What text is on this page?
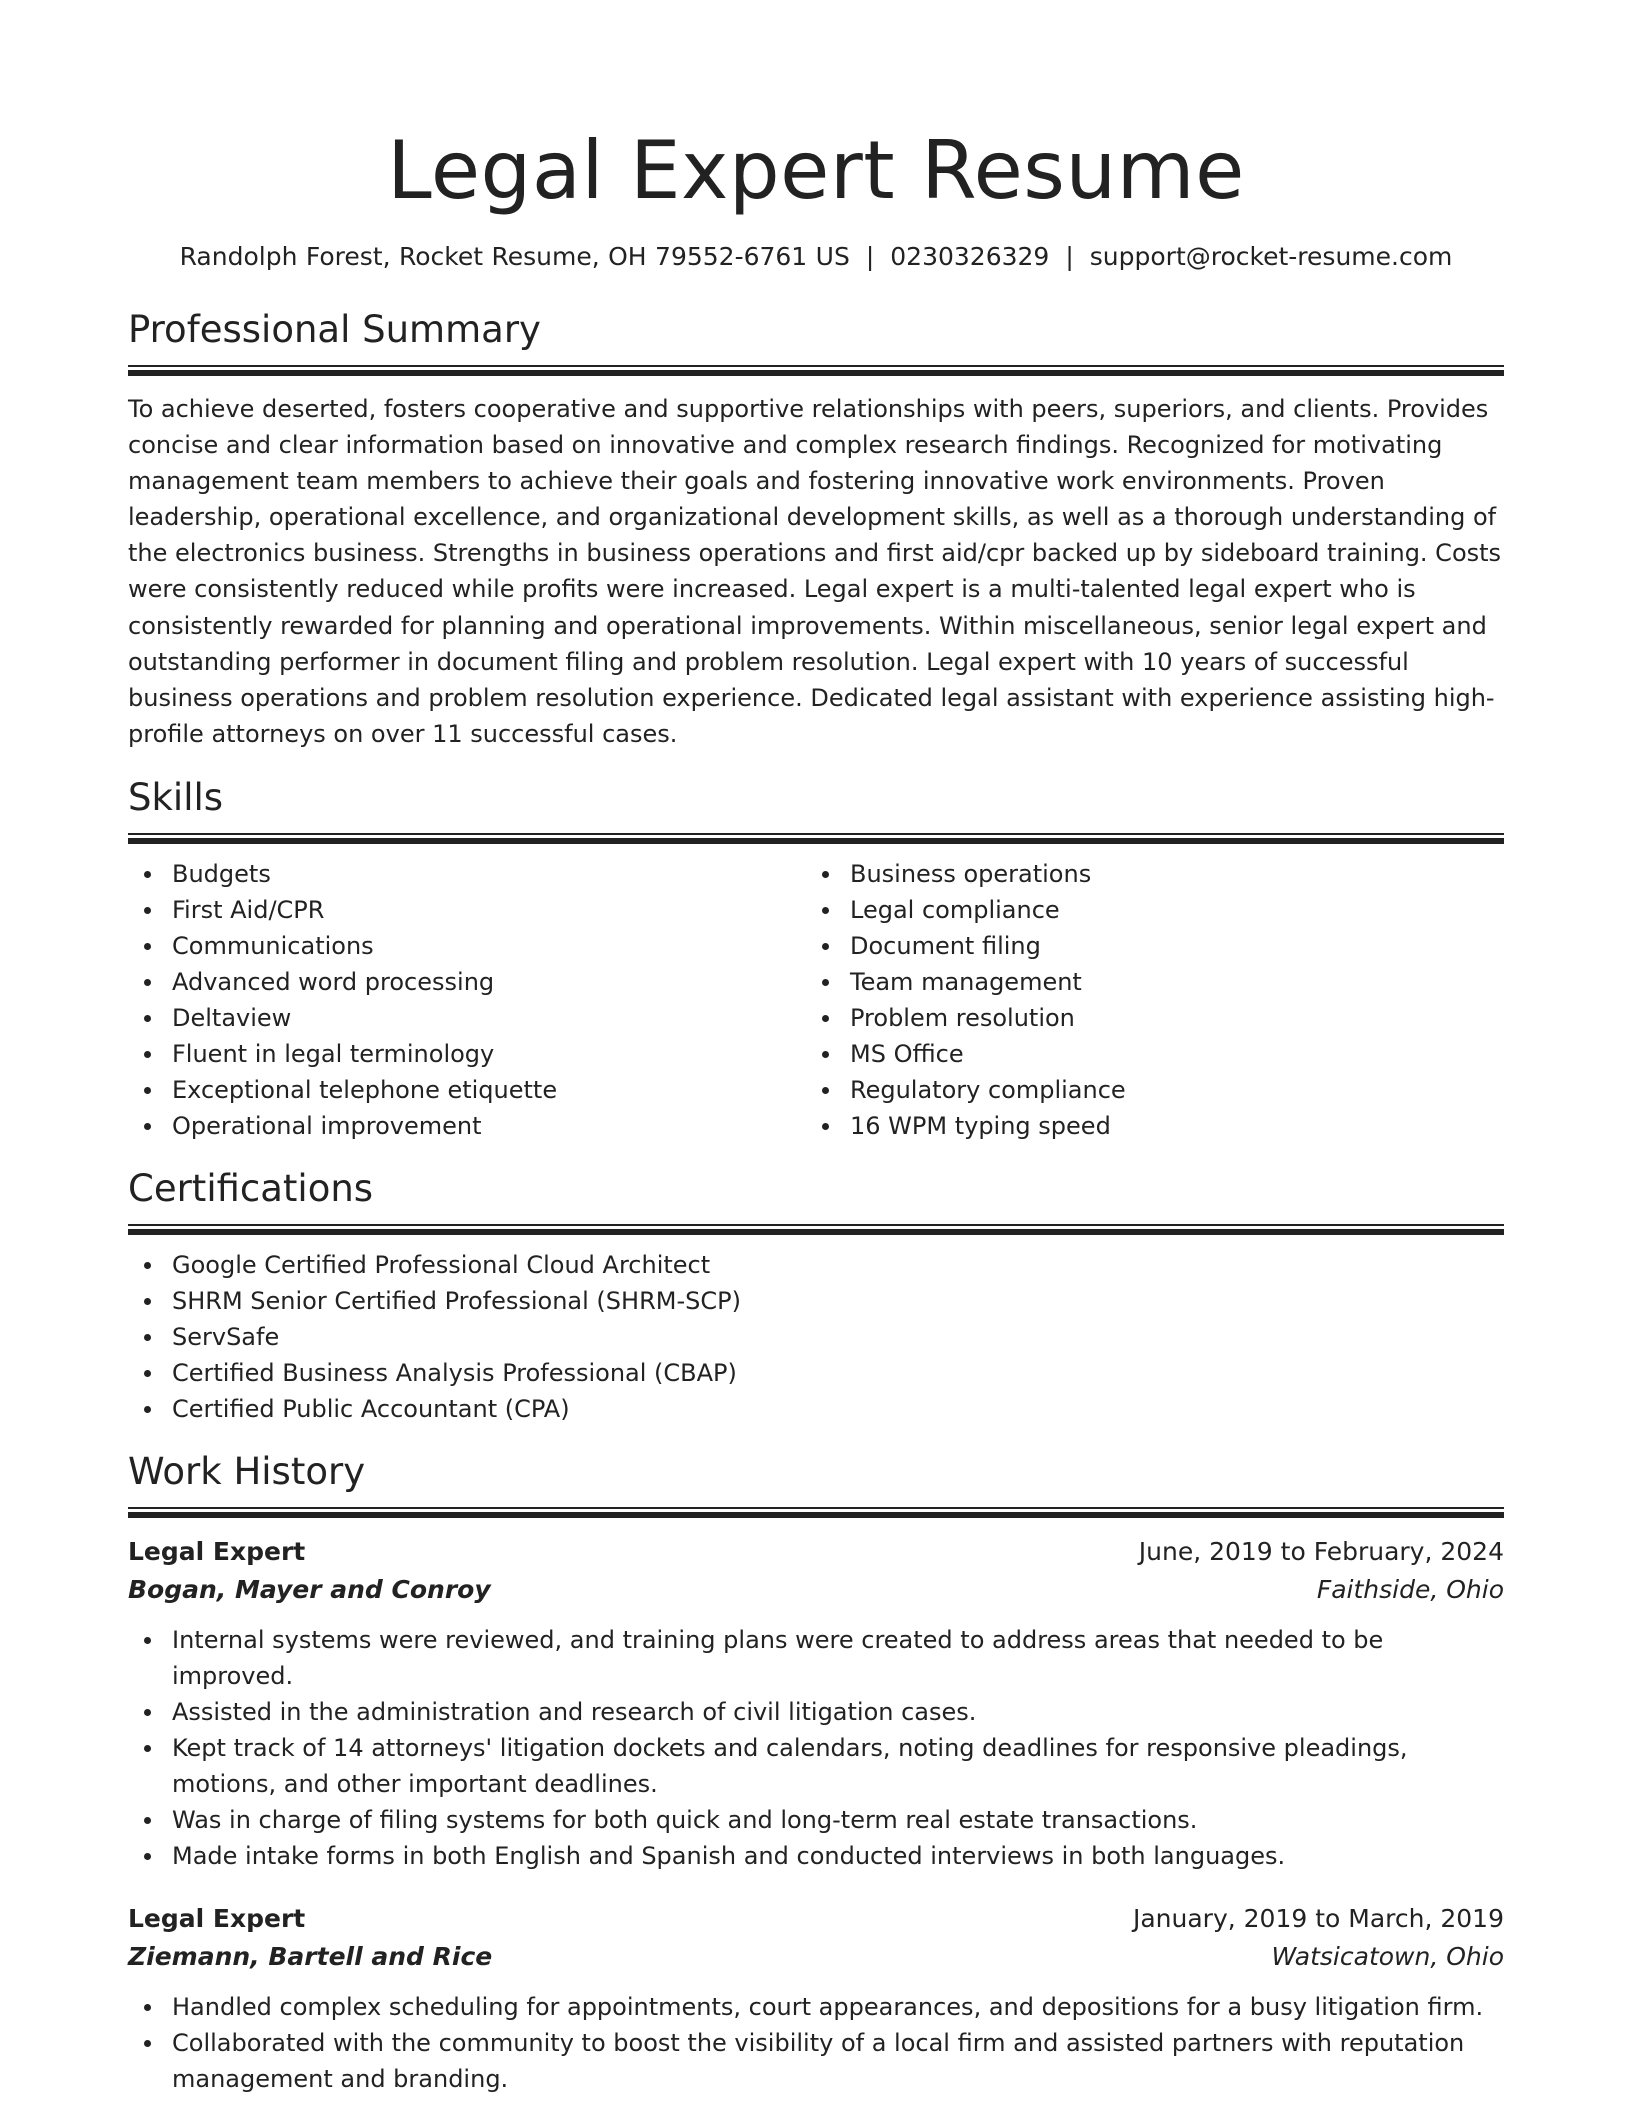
Legal Expert Resume
Randolph Forest, Rocket Resume, OH 79552-6761 US | 0230326329 | support@rocket-resume.com
Professional Summary

To achieve deserted, fosters cooperative and supportive relationships with peers, superiors, and clients. Provides concise and clear information based on innovative and complex research findings. Recognized for motivating management team members to achieve their goals and fostering innovative work environments. Proven leadership, operational excellence, and organizational development skills, as well as a thorough understanding of the electronics business. Strengths in business operations and first aid/cpr backed up by sideboard training. Costs were consistently reduced while profits were increased. Legal expert is a multi-talented legal expert who is consistently rewarded for planning and operational improvements. Within miscellaneous, senior legal expert and outstanding performer in document filing and problem resolution. Legal expert with 10 years of successful business operations and problem resolution experience. Dedicated legal assistant with experience assisting high-profile attorneys on over 11 successful cases.

Skills
Budgets
First Aid/CPR
Communications
Advanced word processing
Deltaview
Fluent in legal terminology
Exceptional telephone etiquette
Operational improvement
Business operations
Legal compliance
Document filing
Team management
Problem resolution
MS Office
Regulatory compliance
16 WPM typing speed
Certifications
Google Certified Professional Cloud Architect
SHRM Senior Certified Professional (SHRM-SCP)
ServSafe
Certified Business Analysis Professional (CBAP)
Certified Public Accountant (CPA)
Work History
Legal Expert	June, 2019 to February, 2024
Bogan, Mayer and Conroy	Faithside, Ohio
Internal systems were reviewed, and training plans were created to address areas that needed to be improved.
Assisted in the administration and research of civil litigation cases.
Kept track of 14 attorneys' litigation dockets and calendars, noting deadlines for responsive pleadings, motions, and other important deadlines.
Was in charge of filing systems for both quick and long-term real estate transactions.
Made intake forms in both English and Spanish and conducted interviews in both languages.
Legal Expert	January, 2019 to March, 2019
Ziemann, Bartell and Rice	Watsicatown, Ohio
Handled complex scheduling for appointments, court appearances, and depositions for a busy litigation firm.
Collaborated with the community to boost the visibility of a local firm and assisted partners with reputation management and branding.
